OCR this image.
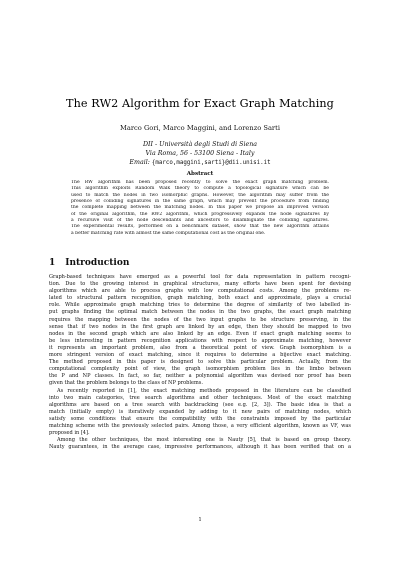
The RW2 Algorithm for Exact Graph Matching
Marco Gori, Marco Maggini, and Lorenzo Sarti
DII - Università degli Studi di Siena
Via Roma, 56 - 53100 Siena - Italy
Email: {marco,maggini,sarti}@dii.unisi.it
Abstract
The RW algorithm has been proposed recently to solve the exact graph matching problem.
This algorithm exploits Random Walk theory to compute a topological signature which can be
used to match the nodes in two isomorphic graphs. However, the algorithm may suffer from the
presence of colliding signatures in the same graph, which may prevent the procedure from finding
the complete mapping between the matching nodes. In this paper we propose an improved version
of the original algorithm, the RW2 algorithm, which progressively expands the node signatures by
a recursive visit of the node descendants and ancestors to disambiguate the colliding signatures.
The experimental results, performed on a benchmark dataset, show that the new algorithm attains
a better matching rate with almost the same computational cost as the original one.
1 Introduction
Graph-based techniques have emerged as a powerful tool for data representation in pattern recogni-
tion. Due to the growing interest in graphical structures, many efforts have been spent for devising
algorithms which are able to process graphs with low computational costs. Among the problems re-
lated to structural pattern recognition, graph matching, both exact and approximate, plays a crucial
role. While approximate graph matching tries to determine the degree of similarity of two labelled in-
put graphs finding the optimal match between the nodes in the two graphs, the exact graph matching
requires the mapping between the nodes of the two input graphs to be structure preserving, in the
sense that if two nodes in the first graph are linked by an edge, then they should be mapped to two
nodes in the second graph which are also linked by an edge. Even if exact graph matching seems to
be less interesting in pattern recognition applications with respect to approximate matching, however
it represents an important problem, also from a theoretical point of view. Graph isomorphism is a
more stringent version of exact matching, since it requires to determine a bijective exact matching.
The method proposed in this paper is designed to solve this particular problem. Actually, from the
computational complexity point of view, the graph isomorphism problem lies in the limbo between
the P and NP classes. In fact, so far, neither a polynomial algorithm was devised nor proof has been
given that the problem belongs to the class of NP problems.
As recently reported in [1], the exact matching methods proposed in the literature can be classified
into two main categories, tree search algorithms and other techniques. Most of the exact matching
algorithms are based on a tree search with backtracking (see e.g. [2, 3]). The basic idea is that a
match (initially empty) is iteratively expanded by adding to it new pairs of matching nodes, which
satisfy some conditions that ensure the compatibility with the constraints imposed by the particular
matching scheme with the previously selected pairs. Among those, a very efficient algorithm, known as VF, was
proposed in [4].
Among the other techniques, the most interesting one is Nauty [5], that is based on group theory.
Nauty guarantees, in the average case, impressive performances, although it has been verified that on a
1
